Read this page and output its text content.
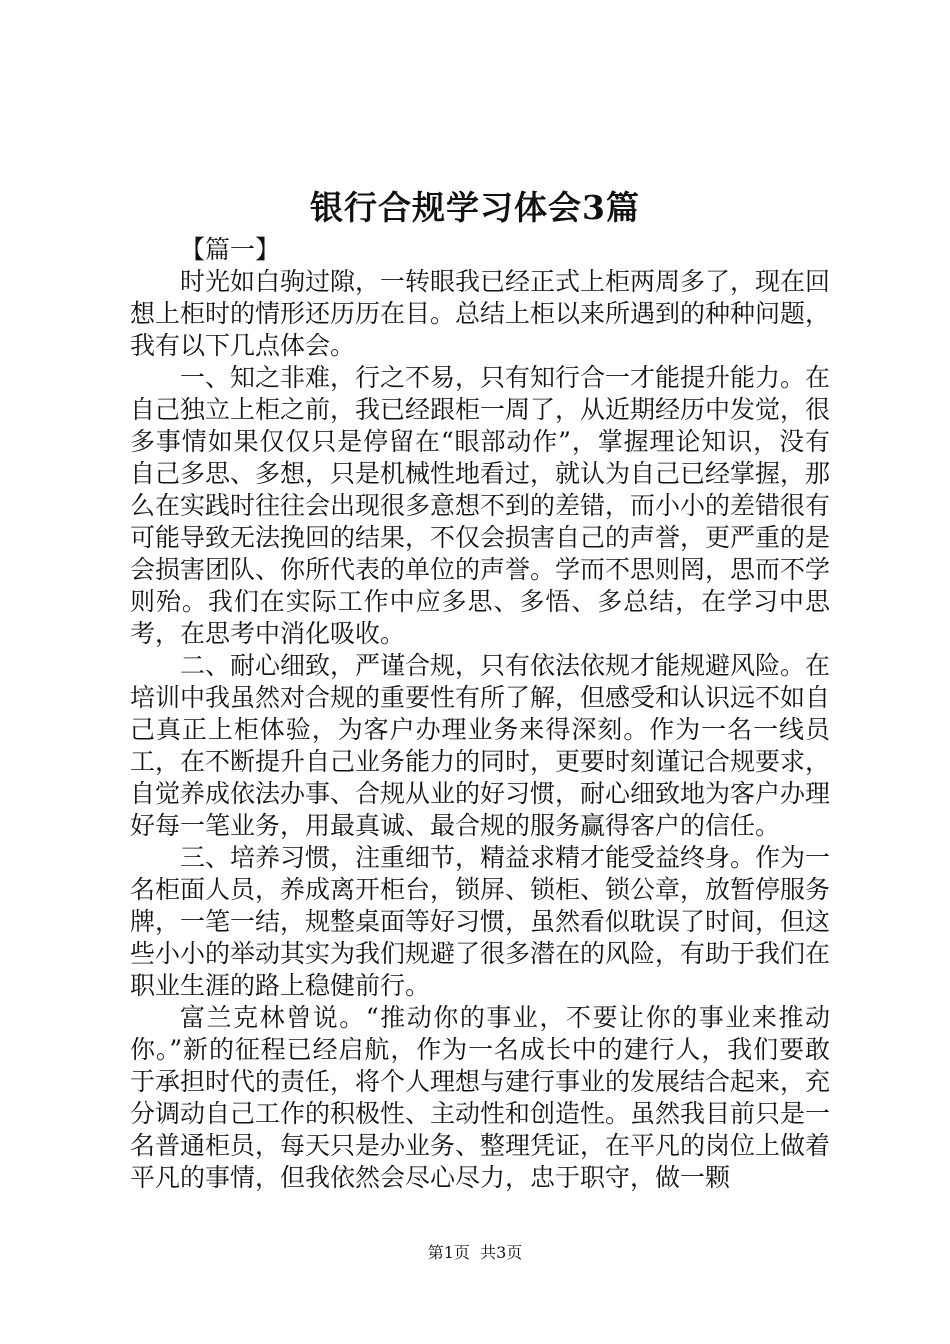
银行合规学习体会3篇

【篇一】

时光如白驹过隙，一转眼我已经正式上柜两周多了，现在回想上柜时的情形还历历在目。总结上柜以来所遇到的种种问题，我有以下几点体会。

一、知之非难，行之不易，只有知行合一才能提升能力。在自己独立上柜之前，我已经跟柜一周了，从近期经历中发觉，很多事情如果仅仅只是停留在“眼部动作”，掌握理论知识，没有自己多思、多想，只是机械性地看过，就认为自己已经掌握，那么在实践时往往会出现很多意想不到的差错，而小小的差错很有可能导致无法挽回的结果，不仅会损害自己的声誉，更严重的是会损害团队、你所代表的单位的声誉。学而不思则罔，思而不学则殆。我们在实际工作中应多思、多悟、多总结，在学习中思考，在思考中消化吸收。

二、耐心细致，严谨合规，只有依法依规才能规避风险。在培训中我虽然对合规的重要性有所了解，但感受和认识远不如自己真正上柜体验，为客户办理业务来得深刻。作为一名一线员工，在不断提升自己业务能力的同时，更要时刻谨记合规要求，自觉养成依法办事、合规从业的好习惯，耐心细致地为客户办理好每一笔业务，用最真诚、最合规的服务赢得客户的信任。

三、培养习惯，注重细节，精益求精才能受益终身。作为一名柜面人员，养成离开柜台，锁屏、锁柜、锁公章，放暂停服务牌，一笔一结，规整桌面等好习惯，虽然看似耽误了时间，但这些小小的举动其实为我们规避了很多潜在的风险，有助于我们在职业生涯的路上稳健前行。

富兰克林曾说。“推动你的事业，不要让你的事业来推动你。”新的征程已经启航，作为一名成长中的建行人，我们要敢于承担时代的责任，将个人理想与建行事业的发展结合起来，充分调动自己工作的积极性、主动性和创造性。虽然我目前只是一名普通柜员，每天只是办业务、整理凭证，在平凡的岗位上做着平凡的事情，但我依然会尽心尽力，忠于职守，做一颗

第1页 共3页
